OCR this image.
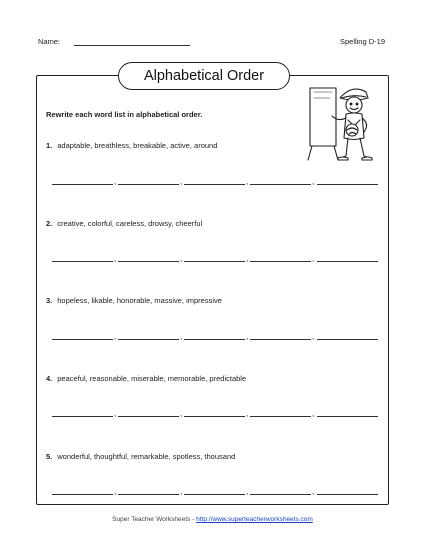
Name:	Spelling D-19
Alphabetical Order
Rewrite each word list in alphabetical order.
1. adaptable, breathless, breakable, active, around
2. creative, colorful, careless, drowsy, cheerful
3. hopeless, likable, honorable, massive, impressive
4. peaceful, reasonable, miserable, memorable, predictable
5. wonderful, thoughtful, remarkable, spotless, thousand
,	,	,	,
,	,	,	,
,	,	,	,
,	,	,	,
,	,	,	,
Super Teacher Worksheets - http://www.superteacherworksheets.com
